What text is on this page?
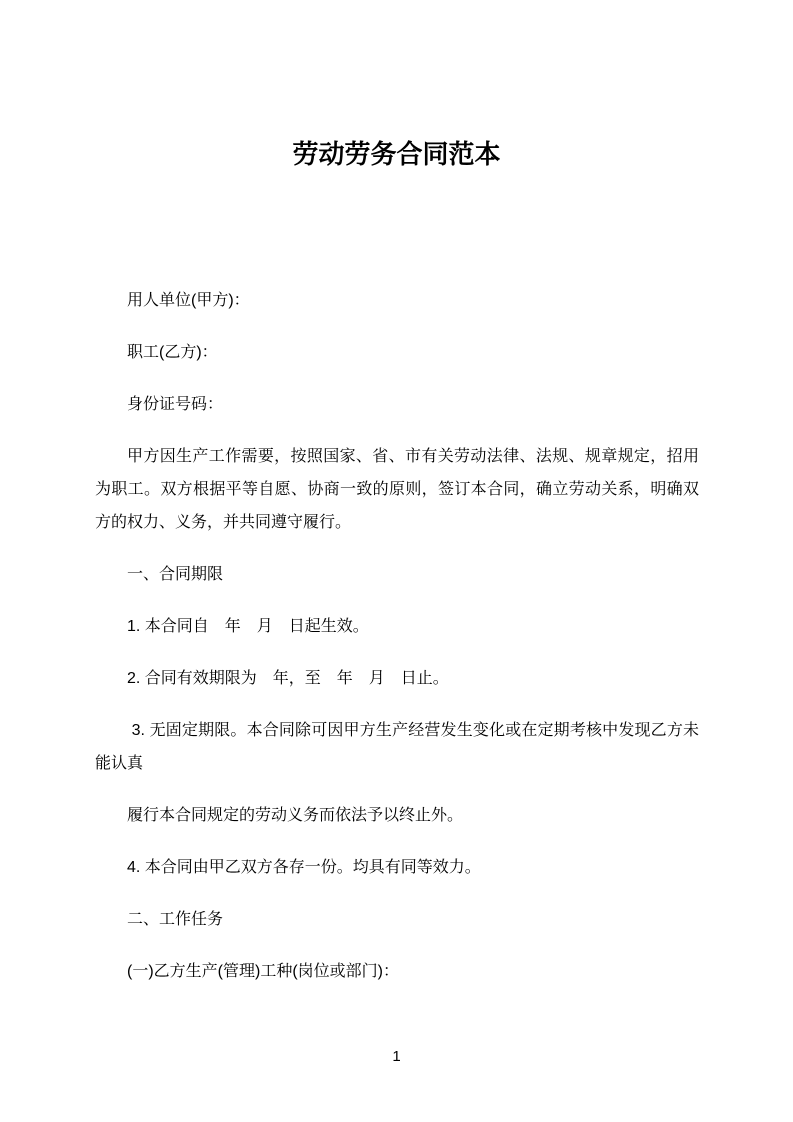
劳动劳务合同范本

用人单位(甲方)：

职工(乙方)：

身份证号码：

甲方因生产工作需要，按照国家、省、市有关劳动法律、法规、规章规定，招用为职工。双方根据平等自愿、协商一致的原则，签订本合同，确立劳动关系，明确双方的权力、义务，并共同遵守履行。

一、合同期限

1. 本合同自　年　月　日起生效。

2. 合同有效期限为　年，至　年　月　日止。

3. 无固定期限。本合同除可因甲方生产经营发生变化或在定期考核中发现乙方未能认真

履行本合同规定的劳动义务而依法予以终止外。

4. 本合同由甲乙双方各存一份。均具有同等效力。

二、工作任务

(一)乙方生产(管理)工种(岗位或部门)：

1
